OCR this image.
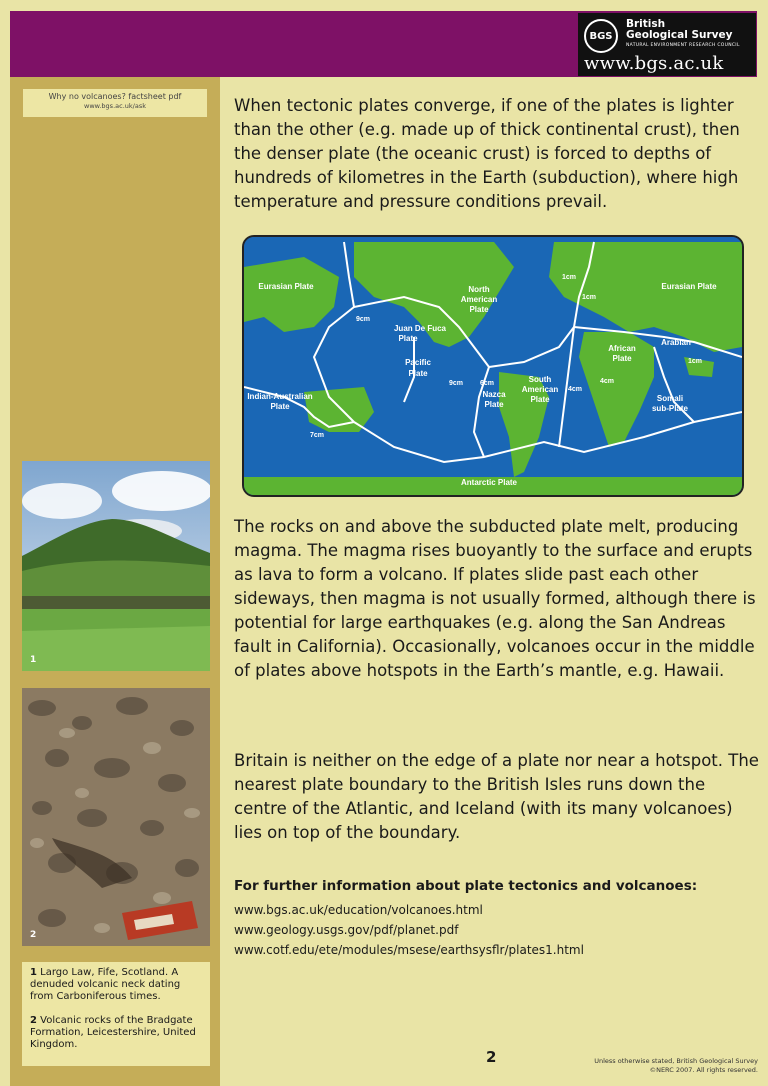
BGS
British
Geological Survey
NATURAL ENVIRONMENT RESEARCH COUNCIL
www.bgs.ac.uk
Why no volcanoes? factsheet pdf
www.bgs.ac.uk/ask
1
2

1 Largo Law, Fife, Scotland. A denuded volcanic neck dating from Carboniferous times.

2 Volcanic rocks of the Bradgate Formation, Leicestershire, United Kingdom.

When tectonic plates converge, if one of the plates is lighter than the other (e.g. made up of thick continental crust), then the denser plate (the oceanic crust) is forced to depths of hundreds of kilometres in the Earth (subduction), where high temperature and pressure conditions prevail.

Eurasian Plate	Eurasian Plate
North
American
Plate
Juan De Fuca
Plate
Pacific
Plate
Indian-Australian
Plate
Nazca
Plate
South
American
Plate
African
Plate
Arabian
Somali
sub-Plate
Antarctic Plate
9cm
9cm 6cm
7cm
4cm
4cm
1cm
1cm
1cm

The rocks on and above the subducted plate melt, producing magma. The magma rises buoyantly to the surface and erupts as lava to form a volcano. If plates slide past each other sideways, then magma is not usually formed, although there is potential for large earthquakes (e.g. along the San Andreas fault in California). Occasionally, volcanoes occur in the middle of plates above hotspots in the Earth’s mantle, e.g. Hawaii.

Britain is neither on the edge of a plate nor near a hotspot. The nearest plate boundary to the British Isles runs down the centre of the Atlantic, and Iceland (with its many volcanoes) lies on top of the boundary.

For further information about plate tectonics and volcanoes:
www.bgs.ac.uk/education/volcanoes.html
www.geology.usgs.gov/pdf/planet.pdf
www.cotf.edu/ete/modules/msese/earthsysflr/plates1.html
2	Unless otherwise stated, British Geological Survey
©NERC 2007. All rights reserved.
